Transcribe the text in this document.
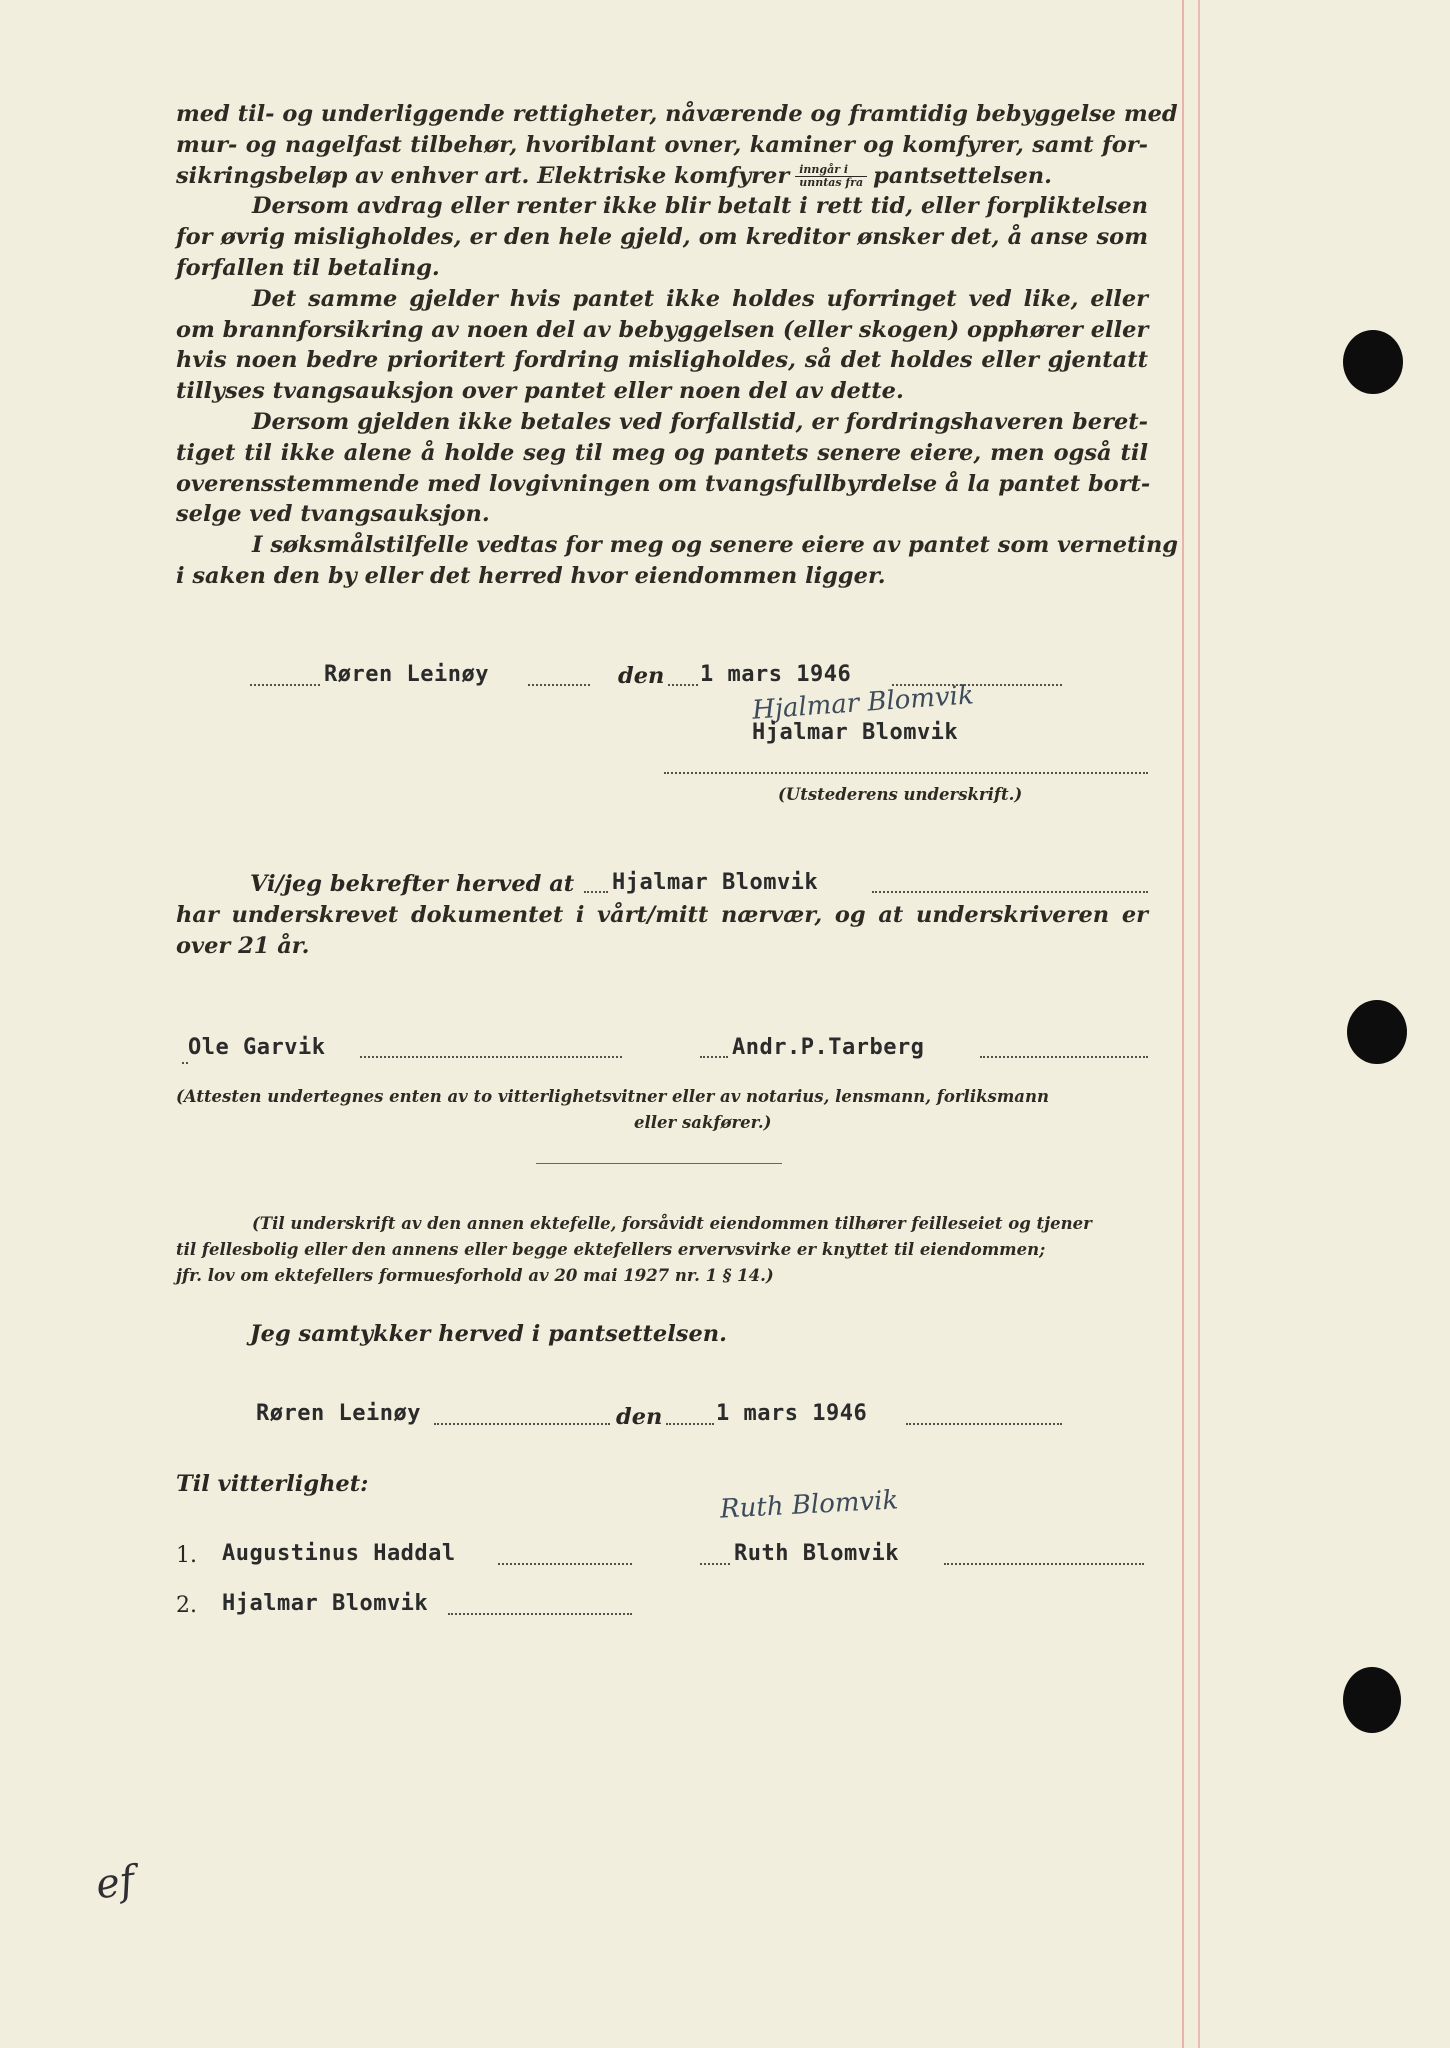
med til- og underliggende rettigheter, nåværende og framtidig bebyggelse med
mur- og nagelfast tilbehør, hvoriblant ovner, kaminer og komfyrer, samt for-
sikringsbeløp av enhver art. Elektriske komfyrer $\frac{\text{inngår i}}{\text{unntas fra}}$ pantsettelsen.
Dersom avdrag eller renter ikke blir betalt i rett tid, eller forpliktelsen
for øvrig misligholdes, er den hele gjeld, om kreditor ønsker det, å anse som
forfallen til betaling.
Det samme gjelder hvis pantet ikke holdes uforringet ved like, eller
om brannforsikring av noen del av bebyggelsen (eller skogen) opphører eller
hvis noen bedre prioritert fordring misligholdes, så det holdes eller gjentatt
tillyses tvangsauksjon over pantet eller noen del av dette.
Dersom gjelden ikke betales ved forfallstid, er fordringshaveren beret-
tiget til ikke alene å holde seg til meg og pantets senere eiere, men også til
overensstemmende med lovgivningen om tvangsfullbyrdelse å la pantet bort-
selge ved tvangsauksjon.
I søksmålstilfelle vedtas for meg og senere eiere av pantet som verneting
i saken den by eller det herred hvor eiendommen ligger.
Røren Leinøy	den 1 mars 1946
Hjalmar Blomvik
Hjalmar Blomvik
(Utstederens underskrift.)
Vi/jeg bekrefter herved at Hjalmar Blomvik
har underskrevet dokumentet i vårt/mitt nærvær, og at underskriveren er
over 21 år.
Ole Garvik	Andr.P.Tarberg
(Attesten undertegnes enten av to vitterlighetsvitner eller av notarius, lensmann, forliksmann
eller sakfører.)
(Til underskrift av den annen ektefelle, forsåvidt eiendommen tilhører feilleseiet og tjener
til fellesbolig eller den annens eller begge ektefellers ervervsvirke er knyttet til eiendommen;
jfr. lov om ektefellers formuesforhold av 20 mai 1927 nr. 1 § 14.)
Jeg samtykker herved i pantsettelsen.
Røren Leinøy	den 1 mars 1946
Til vitterlighet:
1. Augustinus Haddal
Ruth Blomvik
Ruth Blomvik
2. Hjalmar Blomvik
ef
